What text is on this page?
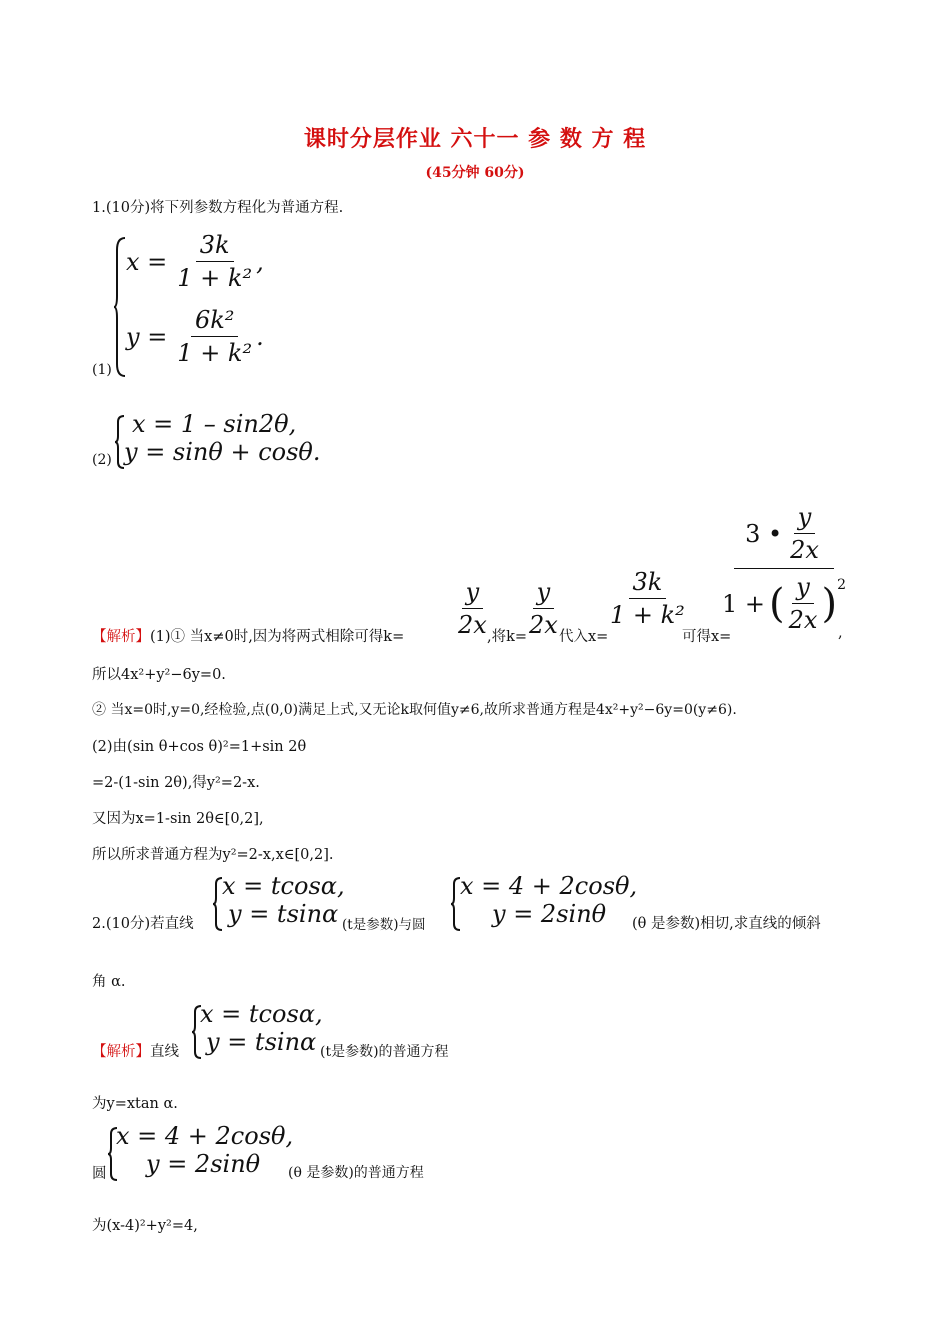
课时分层作业 六十一 参 数 方 程
(45分钟 60分)
1.(10分)将下列参数方程化为普通方程.
(1)
$x = \frac{3k}{\text{1 + k²}}$ ,
$y = \frac{\text{6k²}}{\text{1 + k²}}$ .
(2)
x = 1 – sin2θ,
y = sinθ + cosθ.
【解析】(1)① 当x≠0时,因为将两式相除可得$k= \frac{y}{2x}$
,将k=
$\frac{y}{2x}$
代入x=
$\frac{3k}{\text{1 + k²}}$
可得x=
3 • $\frac{y}{2x}$
1 + ( $\frac{y}{2x}$ ) 2
,
所以4x²+y²−6y=0.
② 当x=0时,y=0,经检验,点(0,0)满足上式,又无论k取何值y≠6,故所求普通方程是4x²+y²−6y=0(y≠6).
(2)由(sin θ+cos θ)²=1+sin 2θ
=2-(1-sin 2θ),得y²=2-x.
又因为x=1-sin 2θ∈[0,2],
所以所求普通方程为y²=2-x,x∈[0,2].
2.(10分)若直线
x = tcosα,
y = tsinα (t是参数)与圆
x = 4 + 2cosθ,
y = 2sinθ (θ 是参数)相切,求直线的倾斜
角 α.
【解析】直线
x = tcosα,
y = tsinα (t是参数)的普通方程
为y=xtan α.
圆
x = 4 + 2cosθ,
y = 2sinθ (θ 是参数)的普通方程
为(x-4)²+y²=4,
